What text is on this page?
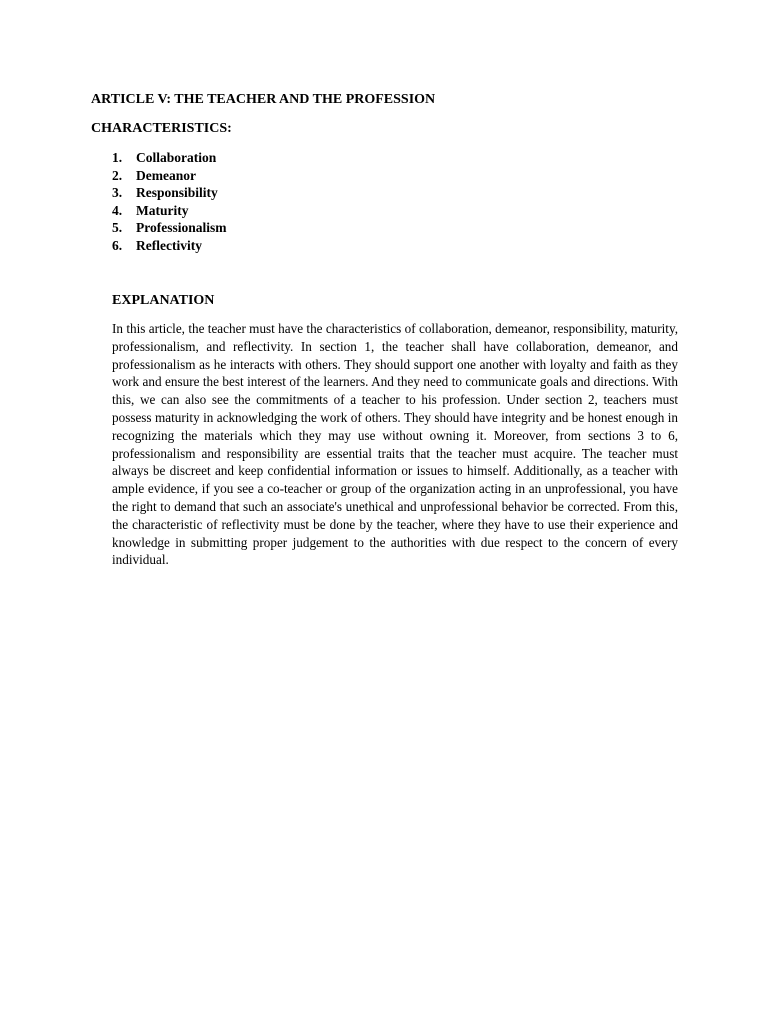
ARTICLE V: THE TEACHER AND THE PROFESSION
CHARACTERISTICS:
1. Collaboration
2. Demeanor
3. Responsibility
4. Maturity
5. Professionalism
6. Reflectivity
EXPLANATION

In this article, the teacher must have the characteristics of collaboration, demeanor, responsibility, maturity, professionalism, and reflectivity. In section 1, the teacher shall have collaboration, demeanor, and professionalism as he interacts with others. They should support one another with loyalty and faith as they work and ensure the best interest of the learners. And they need to communicate goals and directions. With this, we can also see the commitments of a teacher to his profession. Under section 2, teachers must possess maturity in acknowledging the work of others. They should have integrity and be honest enough in recognizing the materials which they may use without owning it. Moreover, from sections 3 to 6, professionalism and responsibility are essential traits that the teacher must acquire. The teacher must always be discreet and keep confidential information or issues to himself. Additionally, as a teacher with ample evidence, if you see a co-teacher or group of the organization acting in an unprofessional, you have the right to demand that such an associate's unethical and unprofessional behavior be corrected. From this, the characteristic of reflectivity must be done by the teacher, where they have to use their experience and knowledge in submitting proper judgement to the authorities with due respect to the concern of every individual.
